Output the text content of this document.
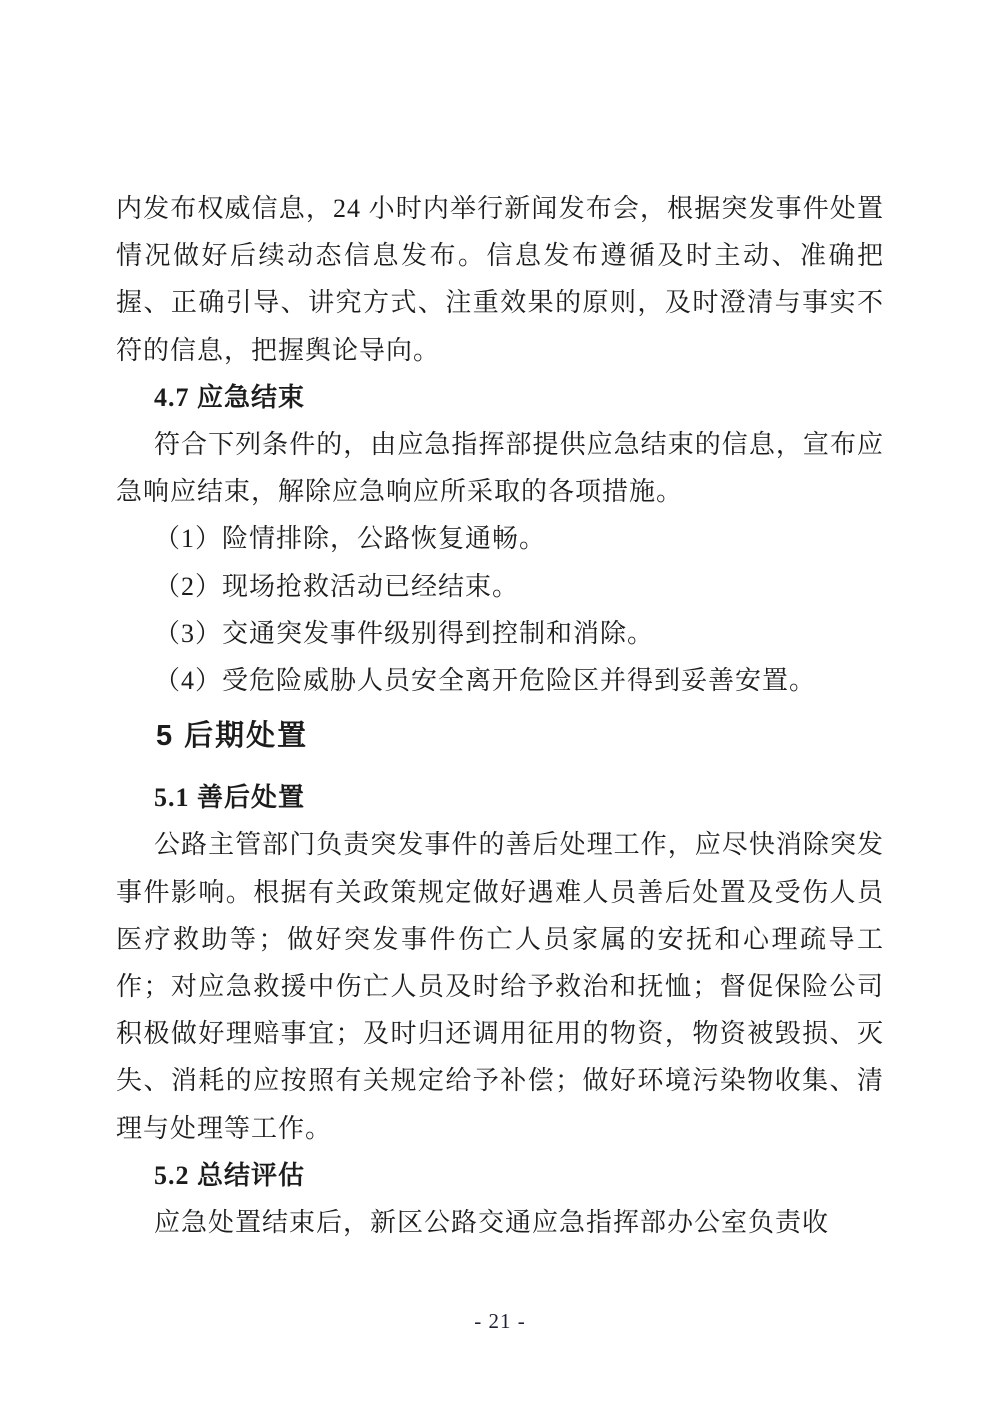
内发布权威信息，24 小时内举行新闻发布会，根据突发事件处置情况做好后续动态信息发布。信息发布遵循及时主动、准确把握、正确引导、讲究方式、注重效果的原则，及时澄清与事实不符的信息，把握舆论导向。

4.7 应急结束

符合下列条件的，由应急指挥部提供应急结束的信息，宣布应急响应结束，解除应急响应所采取的各项措施。

（1）险情排除，公路恢复通畅。

（2）现场抢救活动已经结束。

（3）交通突发事件级别得到控制和消除。

（4）受危险威胁人员安全离开危险区并得到妥善安置。

5 后期处置
5.1 善后处置

公路主管部门负责突发事件的善后处理工作，应尽快消除突发事件影响。根据有关政策规定做好遇难人员善后处置及受伤人员医疗救助等；做好突发事件伤亡人员家属的安抚和心理疏导工作；对应急救援中伤亡人员及时给予救治和抚恤；督促保险公司积极做好理赔事宜；及时归还调用征用的物资，物资被毁损、灭失、消耗的应按照有关规定给予补偿；做好环境污染物收集、清理与处理等工作。

5.2 总结评估

应急处置结束后，新区公路交通应急指挥部办公室负责收

- 21 -
